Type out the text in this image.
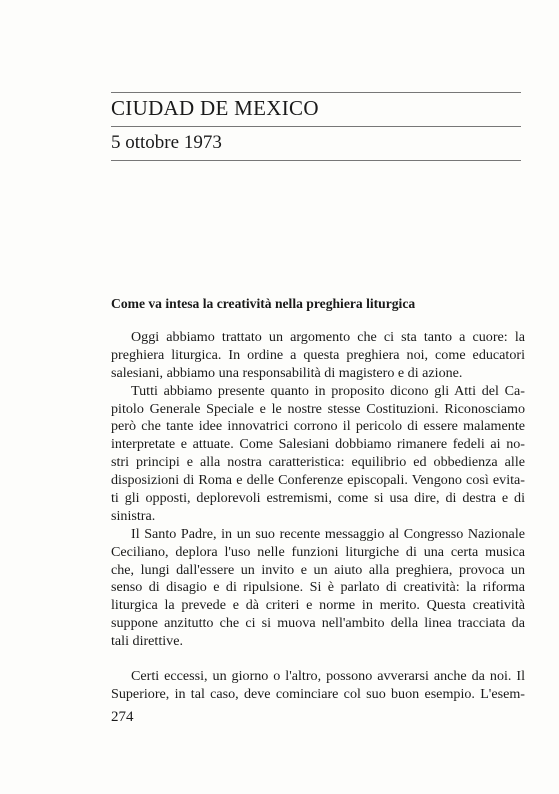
CIUDAD DE MEXICO
5 ottobre 1973
Come va intesa la creatività nella preghiera liturgica
Oggi abbiamo trattato un argomento che ci sta tanto a cuore: la
preghiera liturgica. In ordine a questa preghiera noi, come educatori
salesiani, abbiamo una responsabilità di magistero e di azione.
Tutti abbiamo presente quanto in proposito dicono gli Atti del Ca-
pitolo Generale Speciale e le nostre stesse Costituzioni. Riconosciamo
però che tante idee innovatrici corrono il pericolo di essere malamente
interpretate e attuate. Come Salesiani dobbiamo rimanere fedeli ai no-
stri principi e alla nostra caratteristica: equilibrio ed obbedienza alle
disposizioni di Roma e delle Conferenze episcopali. Vengono così evita-
ti gli opposti, deplorevoli estremismi, come si usa dire, di destra e di
sinistra.
Il Santo Padre, in un suo recente messaggio al Congresso Nazionale
Ceciliano, deplora l'uso nelle funzioni liturgiche di una certa musica
che, lungi dall'essere un invito e un aiuto alla preghiera, provoca un
senso di disagio e di ripulsione. Si è parlato di creatività: la riforma
liturgica la prevede e dà criteri e norme in merito. Questa creatività
suppone anzitutto che ci si muova nell'ambito della linea tracciata da
tali direttive.
Certi eccessi, un giorno o l'altro, possono avverarsi anche da noi. Il
Superiore, in tal caso, deve cominciare col suo buon esempio. L'esem-
274
